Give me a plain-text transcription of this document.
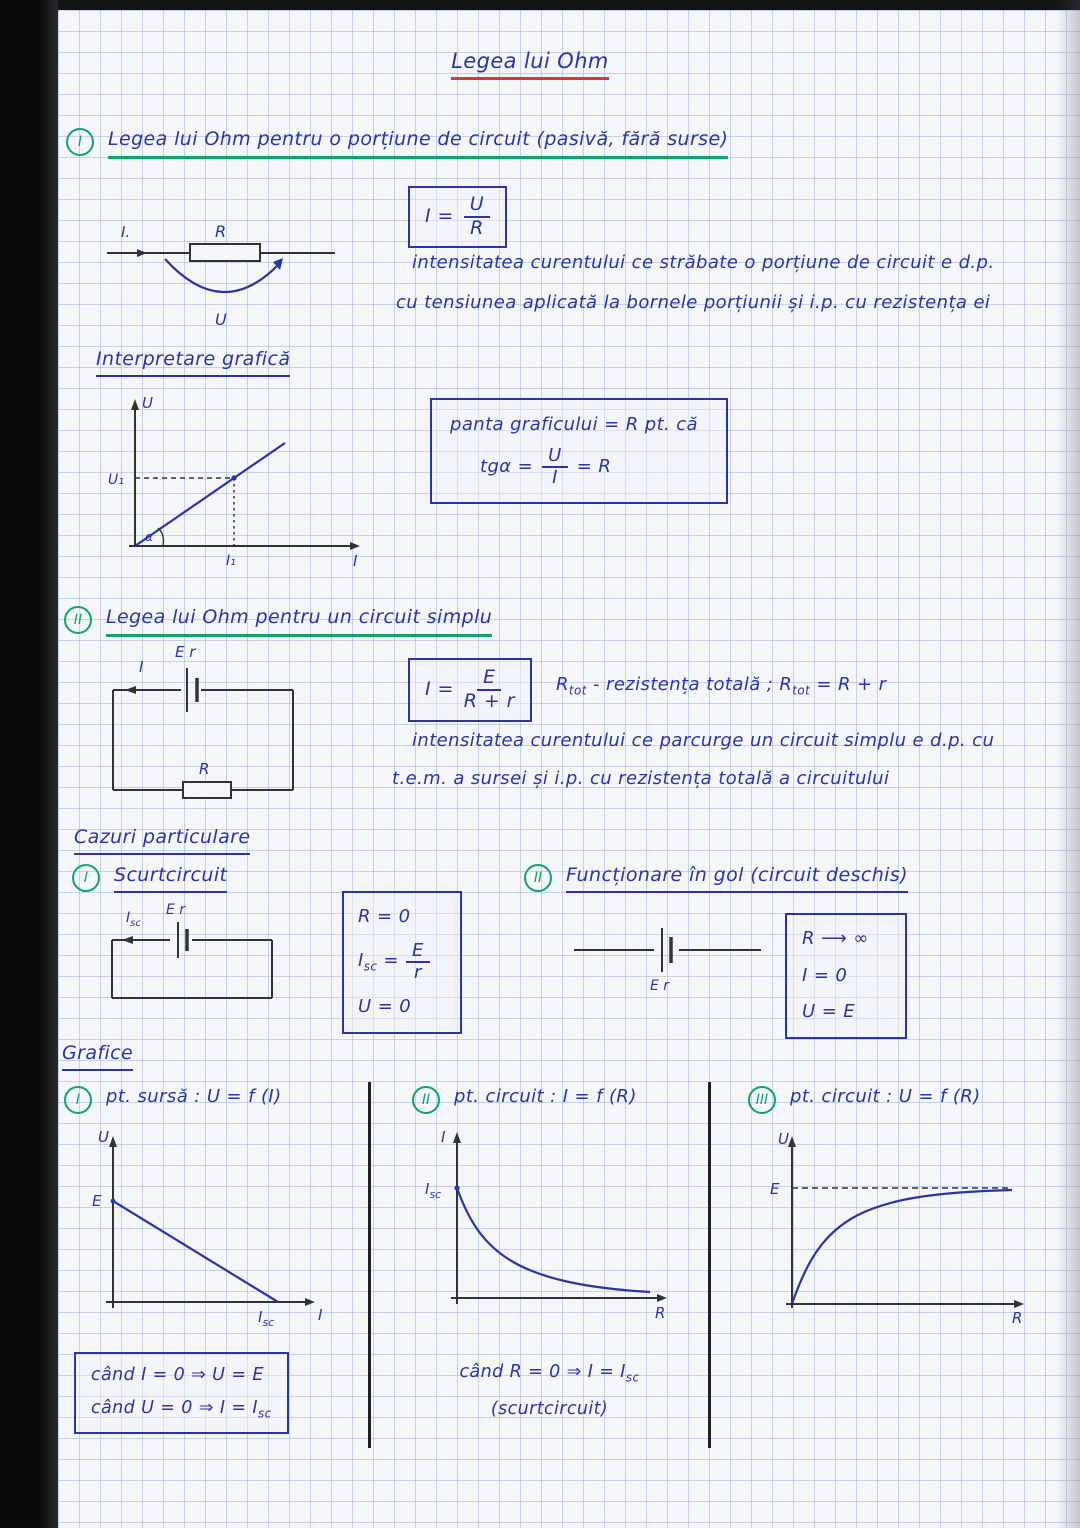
Legea lui Ohm
I	Legea lui Ohm pentru o porțiune de circuit (pasivă, fără surse)
R
I.
U
$I = \frac{U}{R}$
intensitatea curentului ce străbate o porțiune de circuit e d.p.
cu tensiunea aplicată la bornele porțiunii și i.p. cu rezistența ei
Interpretare grafică
U
I
U₁
I₁
α
panta graficului = R pt. că
$tg\alpha = \frac{U}{I} = R$
II	Legea lui Ohm pentru un circuit simplu
E r
I
R
$I = \frac{E}{R + r} R_{tot}$ - rezistența totală ; $R_{tot} = R + r$
intensitatea curentului ce parcurge un circuit simplu e d.p. cu
t.e.m. a sursei și i.p. cu rezistența totală a circuitului
Cazuri particulare
I	Scurtcircuit
E r
$I_{sc}$	R = 0
$I_{sc} = \frac{E}{r}$
U = 0
II	Funcționare în gol (circuit deschis)
E r
R ⟶ ∞
I = 0
U = E
Grafice
I	pt. sursă : U = f (I)
U
I
E
$I_{sc}$
când I = 0 ⇒ U = E
când U = 0 ⇒ $I = I_{sc}$
II	pt. circuit : I = f (R)
I
$I_{sc}$
R
când R = 0 ⇒ $I = I_{sc}$
(scurtcircuit)
III	pt. circuit : U = f (R)
U
E
R
